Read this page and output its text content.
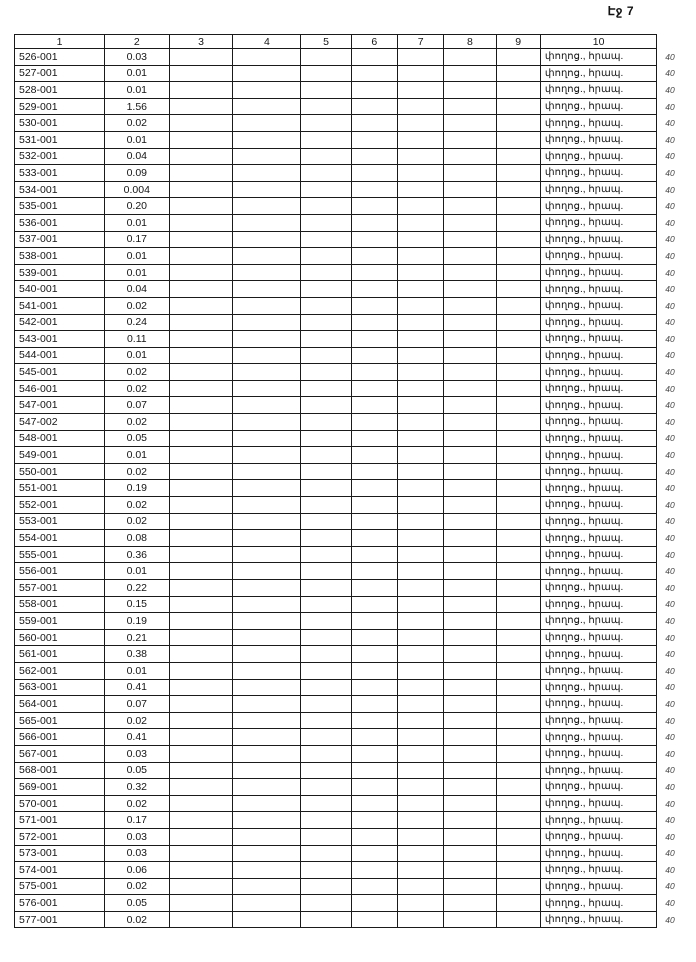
Էջ 7
1	2	3	4	5	6	7	8	9	10	
526-001	0.03								փողոց., հրապ.	40
527-001	0.01								փողոց., հրապ.	40
528-001	0.01								փողոց., հրապ.	40
529-001	1.56								փողոց., հրապ.	40
530-001	0.02								փողոց., հրապ.	40
531-001	0.01								փողոց., հրապ.	40
532-001	0.04								փողոց., հրապ.	40
533-001	0.09								փողոց., հրապ.	40
534-001	0.004								փողոց., հրապ.	40
535-001	0.20								փողոց., հրապ.	40
536-001	0.01								փողոց., հրապ.	40
537-001	0.17								փողոց., հրապ.	40
538-001	0.01								փողոց., հրապ.	40
539-001	0.01								փողոց., հրապ.	40
540-001	0.04								փողոց., հրապ.	40
541-001	0.02								փողոց., հրապ.	40
542-001	0.24								փողոց., հրապ.	40
543-001	0.11								փողոց., հրապ.	40
544-001	0.01								փողոց., հրապ.	40
545-001	0.02								փողոց., հրապ.	40
546-001	0.02								փողոց., հրապ.	40
547-001	0.07								փողոց., հրապ.	40
547-002	0.02								փողոց., հրապ.	40
548-001	0.05								փողոց., հրապ.	40
549-001	0.01								փողոց., հրապ.	40
550-001	0.02								փողոց., հրապ.	40
551-001	0.19								փողոց., հրապ.	40
552-001	0.02								փողոց., հրապ.	40
553-001	0.02								փողոց., հրապ.	40
554-001	0.08								փողոց., հրապ.	40
555-001	0.36								փողոց., հրապ.	40
556-001	0.01								փողոց., հրապ.	40
557-001	0.22								փողոց., հրապ.	40
558-001	0.15								փողոց., հրապ.	40
559-001	0.19								փողոց., հրապ.	40
560-001	0.21								փողոց., հրապ.	40
561-001	0.38								փողոց., հրապ.	40
562-001	0.01								փողոց., հրապ.	40
563-001	0.41								փողոց., հրապ.	40
564-001	0.07								փողոց., հրապ.	40
565-001	0.02								փողոց., հրապ.	40
566-001	0.41								փողոց., հրապ.	40
567-001	0.03								փողոց., հրապ.	40
568-001	0.05								փողոց., հրապ.	40
569-001	0.32								փողոց., հրապ.	40
570-001	0.02								փողոց., հրապ.	40
571-001	0.17								փողոց., հրապ.	40
572-001	0.03								փողոց., հրապ.	40
573-001	0.03								փողոց., հրապ.	40
574-001	0.06								փողոց., հրապ.	40
575-001	0.02								փողոց., հրապ.	40
576-001	0.05								փողոց., հրապ.	40
577-001	0.02								փողոց., հրապ.	40
